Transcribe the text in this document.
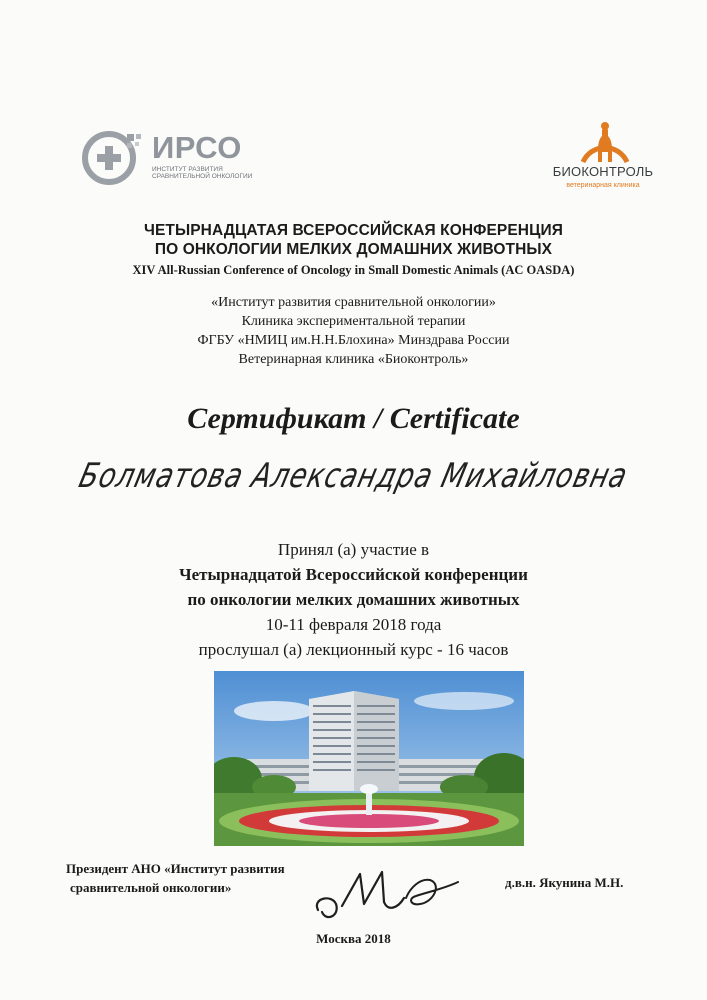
ИРСО
ИНСТИТУТ РАЗВИТИЯ СРАВНИТЕЛЬНОЙ ОНКОЛОГИИ	БИОКОНТРОЛЬ
ветеринарная клиника
ЧЕТЫРНАДЦАТАЯ ВСЕРОССИЙСКАЯ КОНФЕРЕНЦИЯ
ПО ОНКОЛОГИИ МЕЛКИХ ДОМАШНИХ ЖИВОТНЫХ
XIV All-Russian Conference of Oncology in Small Domestic Animals (AC OASDA)
«Институт развития сравнительной онкологии»
Клиника экспериментальной терапии
ФГБУ «НМИЦ им.Н.Н.Блохина» Минздрава России
Ветеринарная клиника «Биоконтроль»
Сертификат / Certificate
Болматова Александра Михайловна
Принял (а) участие в
Четырнадцатой Всероссийской конференции
по онкологии мелких домашних животных
10-11 февраля 2018 года
прослушал (а) лекционный курс - 16 часов
Президент АНО «Институт развития
сравнительной онкологии»	д.в.н. Якунина М.Н.
Москва 2018
